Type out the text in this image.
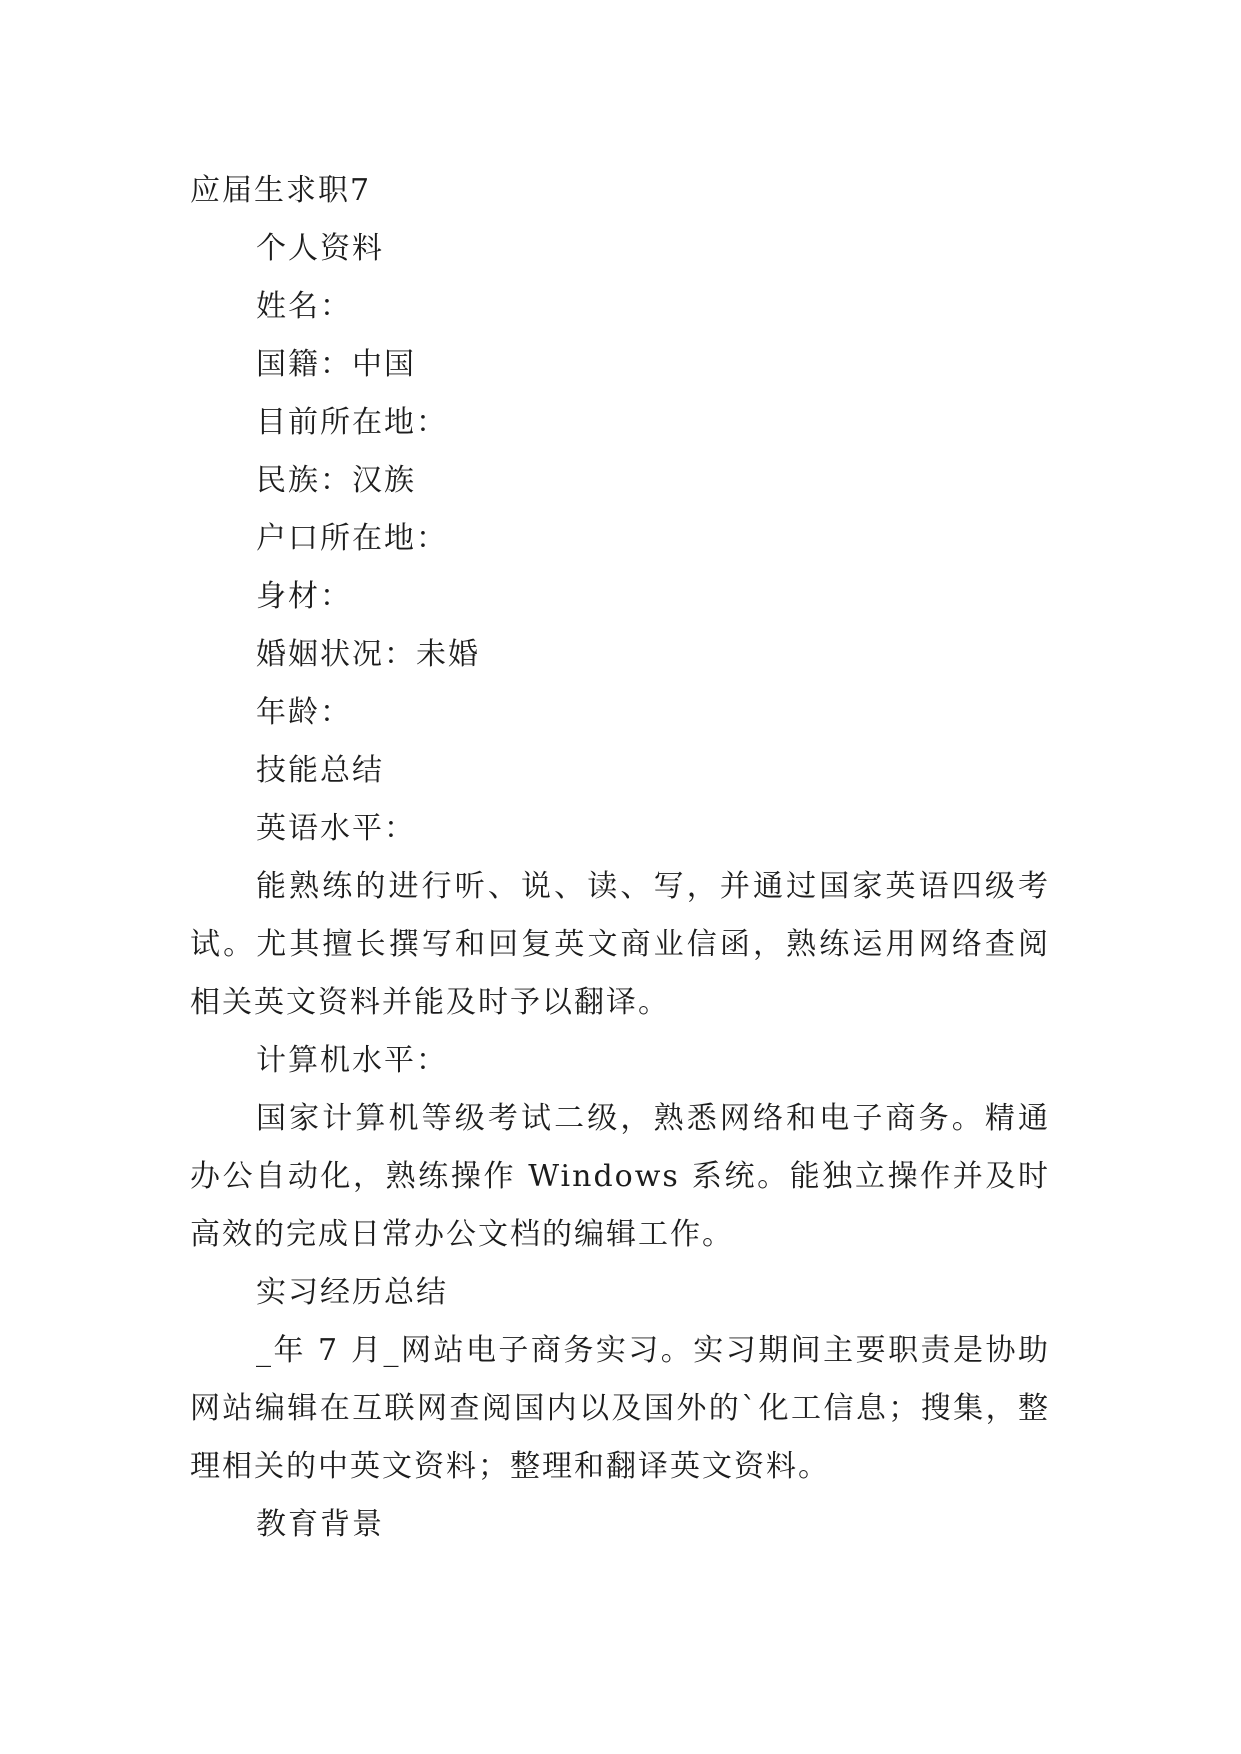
应届生求职7

个人资料

姓名：

国籍：中国

目前所在地：

民族：汉族

户口所在地：

身材：

婚姻状况：未婚

年龄：

技能总结

英语水平：

能熟练的进行听、说、读、写，并通过国家英语四级考试。尤其擅长撰写和回复英文商业信函，熟练运用网络查阅相关英文资料并能及时予以翻译。

计算机水平：

国家计算机等级考试二级，熟悉网络和电子商务。精通办公自动化，熟练操作 Windows 系统。能独立操作并及时高效的完成日常办公文档的编辑工作。

实习经历总结

_年 7 月_网站电子商务实习。实习期间主要职责是协助网站编辑在互联网查阅国内以及国外的`化工信息；搜集，整理相关的中英文资料；整理和翻译英文资料。

教育背景
